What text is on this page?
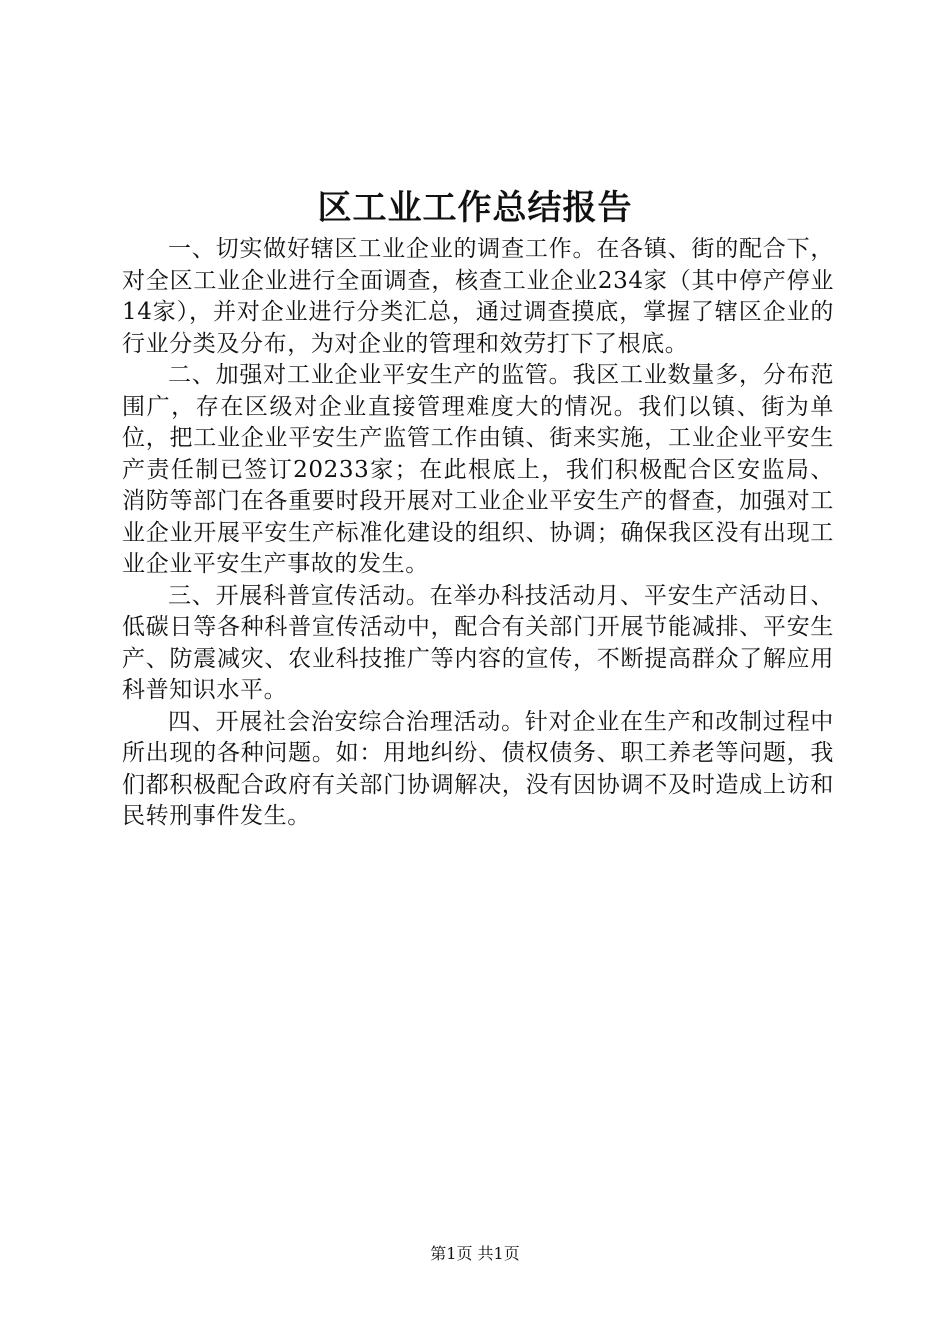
区工业工作总结报告

一、切实做好辖区工业企业的调查工作。在各镇、街的配合下，对全区工业企业进行全面调查，核查工业企业234家（其中停产停业14家），并对企业进行分类汇总，通过调查摸底，掌握了辖区企业的行业分类及分布，为对企业的管理和效劳打下了根底。

二、加强对工业企业平安生产的监管。我区工业数量多，分布范围广，存在区级对企业直接管理难度大的情况。我们以镇、街为单位，把工业企业平安生产监管工作由镇、街来实施，工业企业平安生产责任制已签订20233家；在此根底上，我们积极配合区安监局、消防等部门在各重要时段开展对工业企业平安生产的督查，加强对工业企业开展平安生产标准化建设的组织、协调；确保我区没有出现工业企业平安生产事故的发生。

三、开展科普宣传活动。在举办科技活动月、平安生产活动日、低碳日等各种科普宣传活动中，配合有关部门开展节能减排、平安生产、防震减灾、农业科技推广等内容的宣传，不断提高群众了解应用科普知识水平。

四、开展社会治安综合治理活动。针对企业在生产和改制过程中所出现的各种问题。如：用地纠纷、债权债务、职工养老等问题，我们都积极配合政府有关部门协调解决，没有因协调不及时造成上访和民转刑事件发生。

第1页 共1页
